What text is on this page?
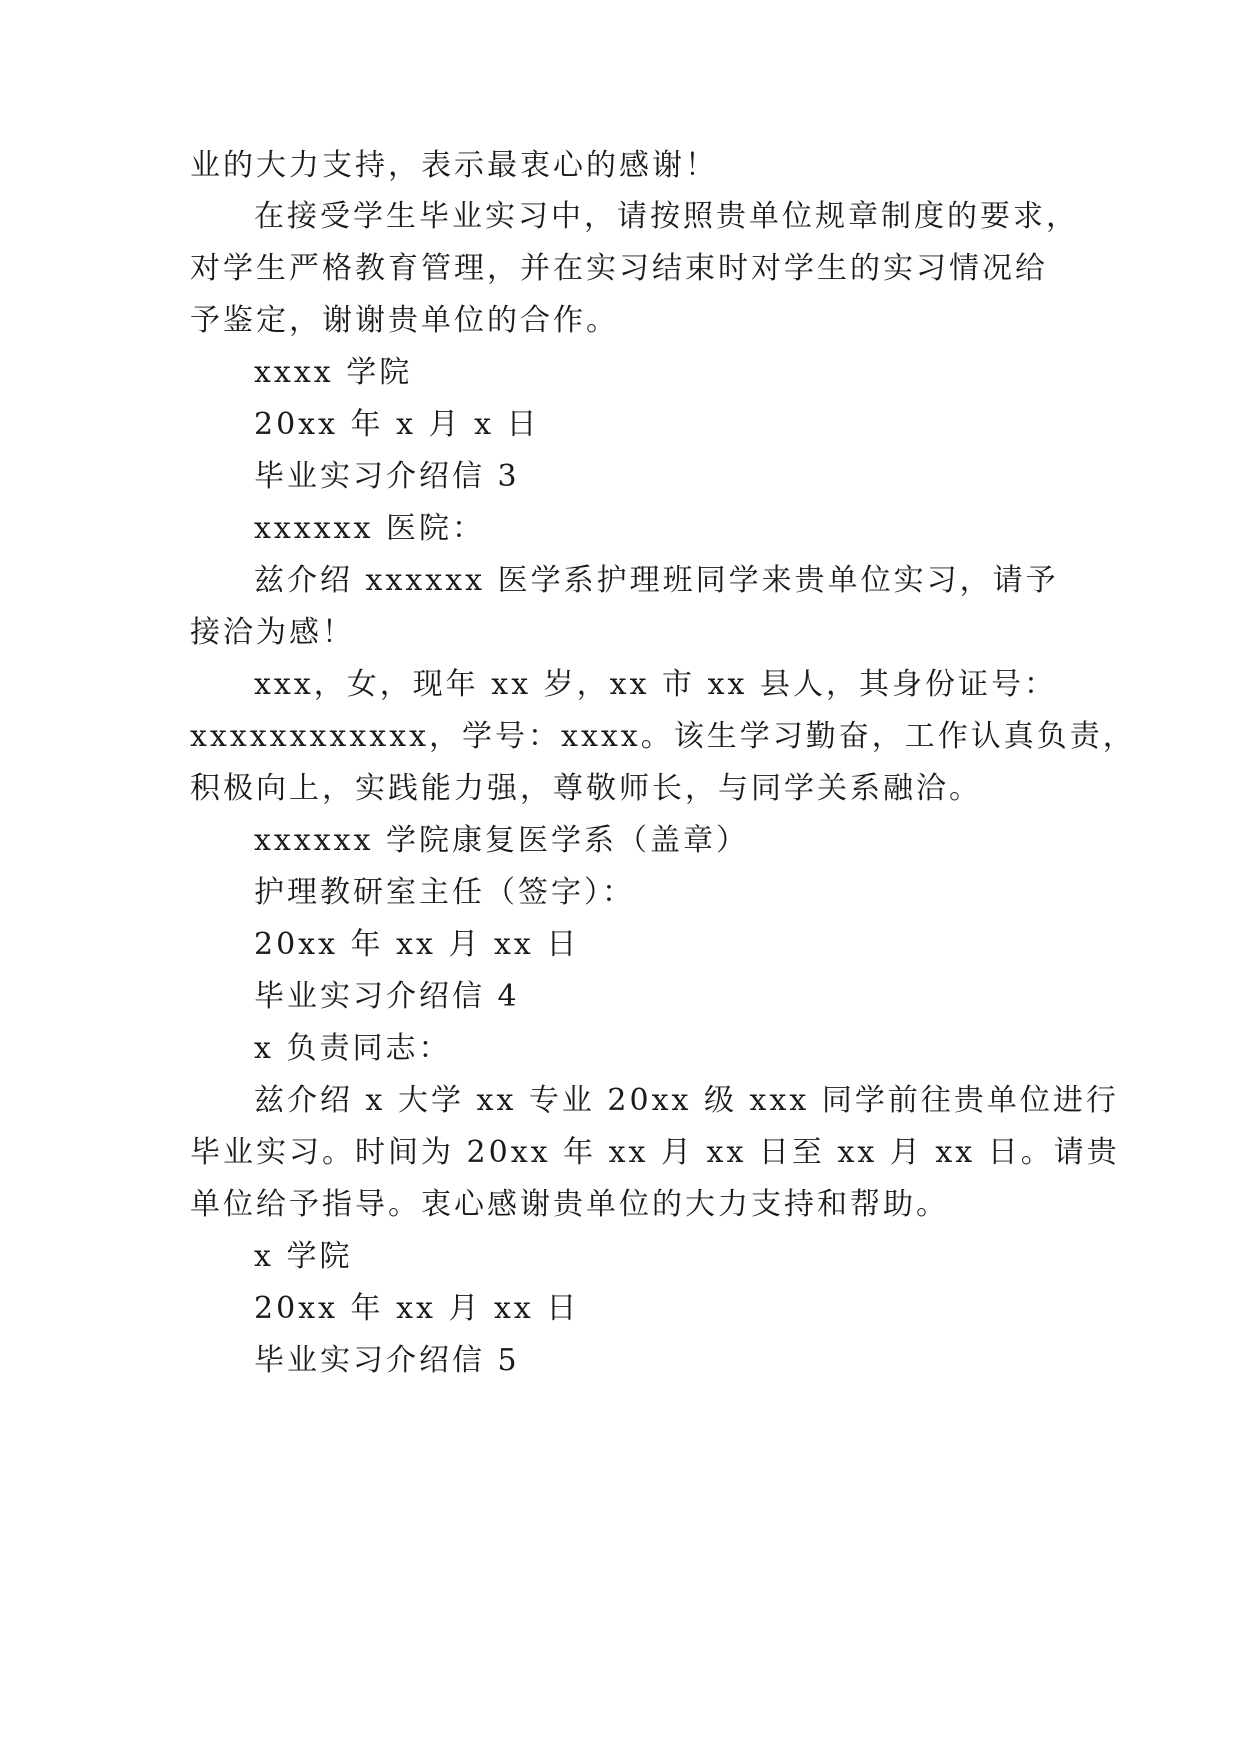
业的大力支持，表示最衷心的感谢！
在接受学生毕业实习中，请按照贵单位规章制度的要求，
对学生严格教育管理，并在实习结束时对学生的实习情况给
予鉴定，谢谢贵单位的合作。
xxxx 学院
20xx 年 x 月 x 日
毕业实习介绍信 3
xxxxxx 医院：
兹介绍 xxxxxx 医学系护理班同学来贵单位实习，请予
接洽为感！
xxx，女，现年 xx 岁，xx 市 xx 县人，其身份证号：
xxxxxxxxxxxx，学号：xxxx。该生学习勤奋，工作认真负责，
积极向上，实践能力强，尊敬师长，与同学关系融洽。
xxxxxx 学院康复医学系（盖章）
护理教研室主任（签字）：
20xx 年 xx 月 xx 日
毕业实习介绍信 4
x 负责同志：
兹介绍 x 大学 xx 专业 20xx 级 xxx 同学前往贵单位进行
毕业实习。时间为 20xx 年 xx 月 xx 日至 xx 月 xx 日。请贵
单位给予指导。衷心感谢贵单位的大力支持和帮助。
x 学院
20xx 年 xx 月 xx 日
毕业实习介绍信 5
